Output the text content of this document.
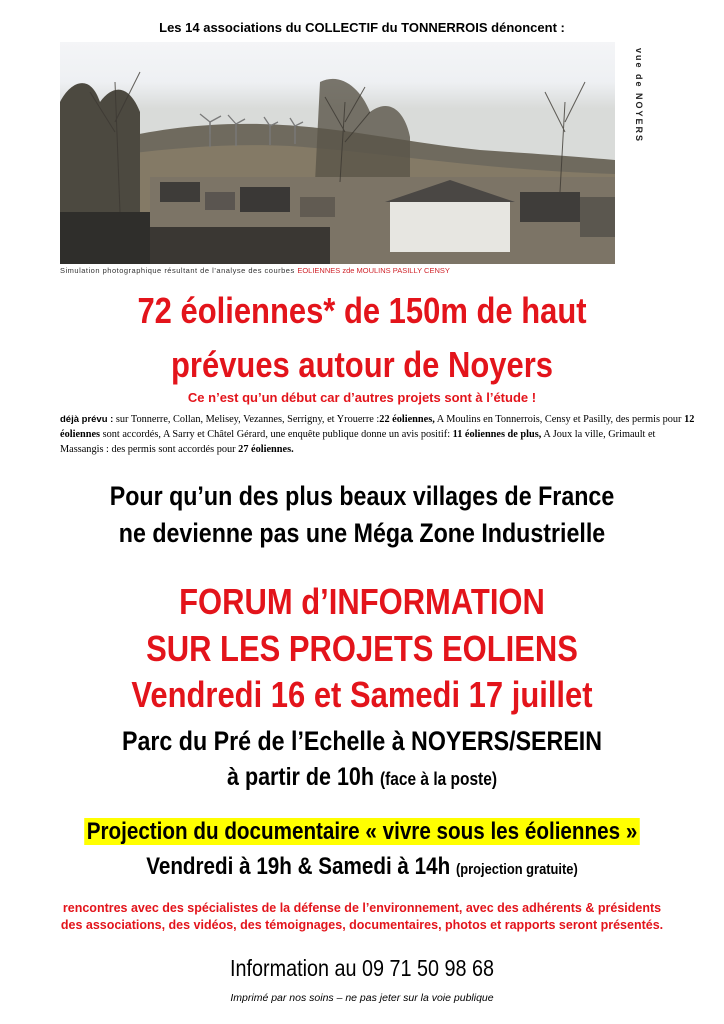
Les 14 associations du COLLECTIF du TONNERROIS dénoncent :
vue de NOYERS
Simulation photographique résultant de l’analyse des courbes EOLIENNES zde MOULINS PASILLY CENSY
72 éoliennes* de 150m de haut
prévues autour de Noyers
Ce n’est qu’un début car d’autres projets sont à l’étude !
déjà prévu : sur Tonnerre, Collan, Melisey, Vezannes, Serrigny, et Yrouerre :22 éoliennes, A Moulins en Tonnerrois, Censy et Pasilly, des permis pour 12 éoliennes sont accordés, A Sarry et Châtel Gérard, une enquête publique donne un avis positif: 11 éoliennes de plus, A Joux la ville, Grimault et Massangis : des permis sont accordés pour 27 éoliennes.
Pour qu’un des plus beaux villages de France
ne devienne pas une Méga Zone Industrielle
FORUM d’INFORMATION
SUR LES PROJETS EOLIENS
Vendredi 16 et Samedi 17 juillet
Parc du Pré de l’Echelle à NOYERS/SEREIN
à partir de 10h (face à la poste)
Projection du documentaire « vivre sous les éoliennes »
Vendredi à 19h & Samedi à 14h (projection gratuite)
rencontres avec des spécialistes de la défense de l’environnement, avec des adhérents & présidents
des associations, des vidéos, des témoignages, documentaires, photos et rapports seront présentés.
Information au 09 71 50 98 68
Imprimé par nos soins – ne pas jeter sur la voie publique
